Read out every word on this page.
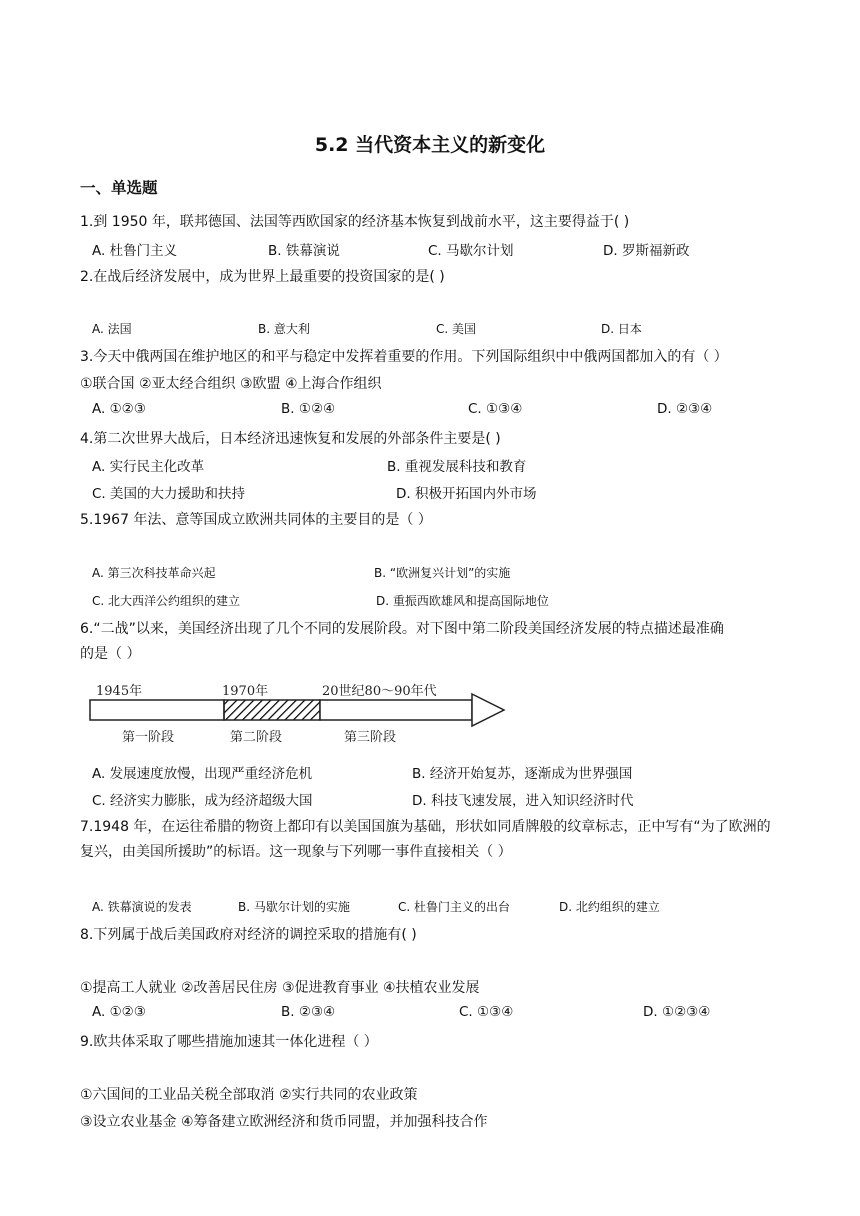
5.2 当代资本主义的新变化
一、单选题
1.到 1950 年，联邦德国、法国等西欧国家的经济基本恢复到战前水平，这主要得益于( )
A. 杜鲁门主义	B. 铁幕演说	C. 马歇尔计划	D. 罗斯福新政
2.在战后经济发展中，成为世界上最重要的投资国家的是( )
A. 法国	B. 意大利	C. 美国	D. 日本
3.今天中俄两国在维护地区的和平与稳定中发挥着重要的作用。下列国际组织中中俄两国都加入的有（ ）
①联合国 ②亚太经合组织 ③欧盟 ④上海合作组织
A. ①②③	B. ①②④	C. ①③④	D. ②③④
4.第二次世界大战后，日本经济迅速恢复和发展的外部条件主要是( )
A. 实行民主化改革	B. 重视发展科技和教育
C. 美国的大力援助和扶持	D. 积极开拓国内外市场
5.1967 年法、意等国成立欧洲共同体的主要目的是（ ）
A. 第三次科技革命兴起	B. “欧洲复兴计划”的实施
C. 北大西洋公约组织的建立	D. 重振西欧雄风和提高国际地位
6.“二战”以来，美国经济出现了几个不同的发展阶段。对下图中第二阶段美国经济发展的特点描述最准确
的是（ ）
1945年	1970年	20世纪80～90年代
第一阶段	第二阶段	第三阶段
A. 发展速度放慢，出现严重经济危机	B. 经济开始复苏，逐渐成为世界强国
C. 经济实力膨胀，成为经济超级大国	D. 科技飞速发展，进入知识经济时代
7.1948 年，在运往希腊的物资上都印有以美国国旗为基础，形状如同盾牌般的纹章标志，正中写有“为了欧洲的复兴，由美国所援助”的标语。这一现象与下列哪一事件直接相关（ ）
A. 铁幕演说的发表	B. 马歇尔计划的实施	C. 杜鲁门主义的出台	D. 北约组织的建立
8.下列属于战后美国政府对经济的调控采取的措施有( )
①提高工人就业 ②改善居民住房 ③促进教育事业 ④扶植农业发展
A. ①②③	B. ②③④	C. ①③④	D. ①②③④
9.欧共体采取了哪些措施加速其一体化进程（ ）
①六国间的工业品关税全部取消 ②实行共同的农业政策
③设立农业基金 ④筹备建立欧洲经济和货币同盟，并加强科技合作
